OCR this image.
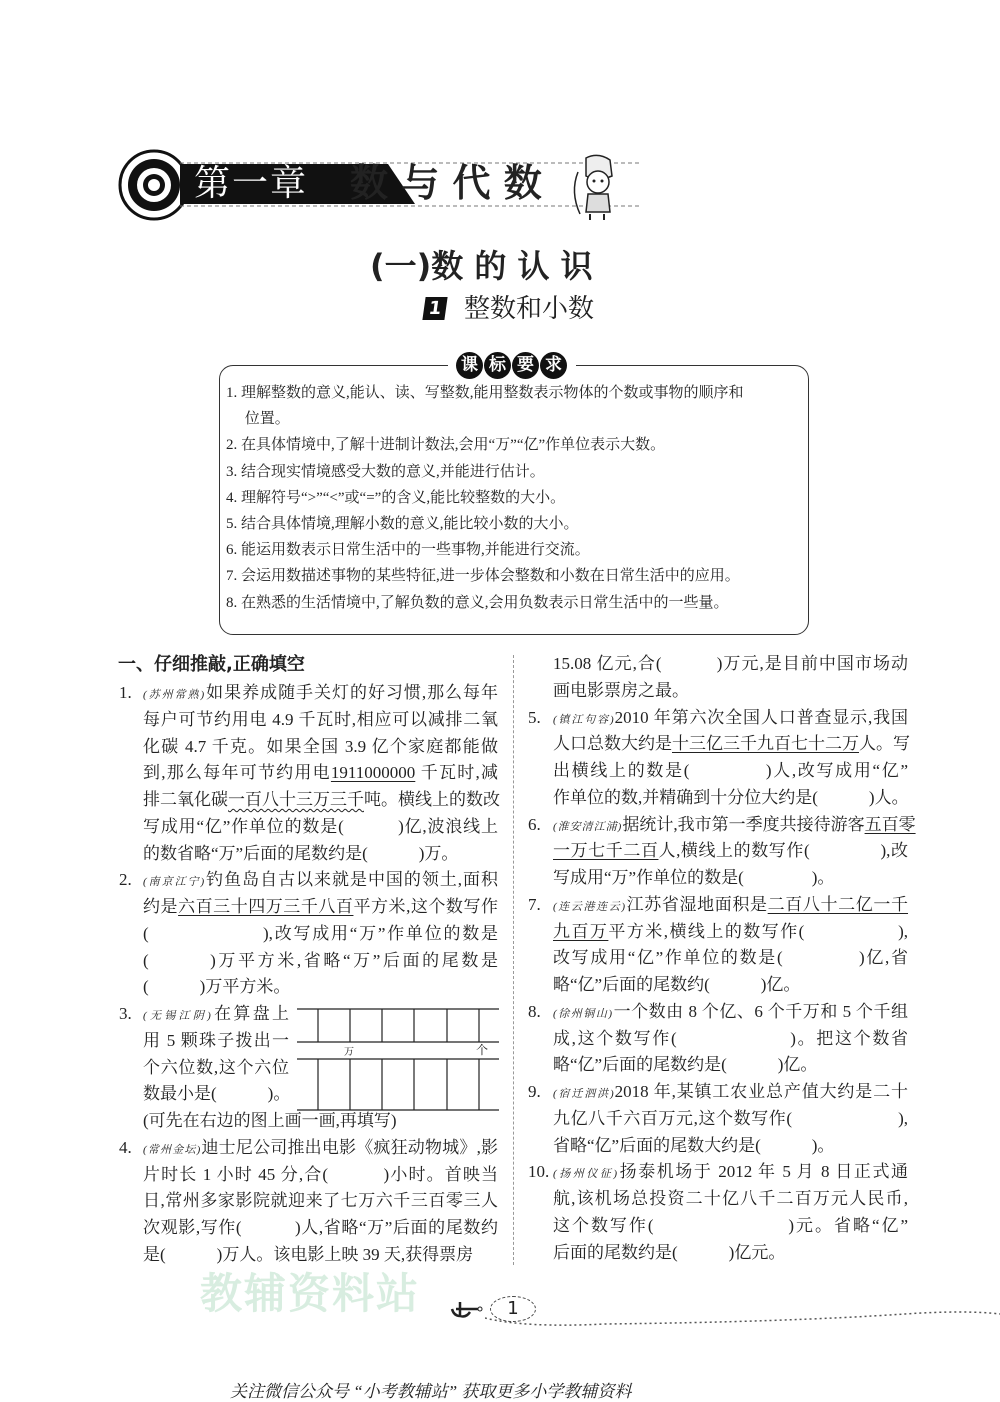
第一章 数 与 代 数
(一)数 的 认 识
1 整数和小数
课 标 要 求
1. 理解整数的意义,能认、读、写整数,能用整数表示物体的个数或事物的顺序和
　 位置。
2. 在具体情境中,了解十进制计数法,会用“万”“亿”作单位表示大数。
3. 结合现实情境感受大数的意义,并能进行估计。
4. 理解符号“>”“<”或“=”的含义,能比较整数的大小。
5. 结合具体情境,理解小数的意义,能比较小数的大小。
6. 能运用数表示日常生活中的一些事物,并能进行交流。
7. 会运用数描述事物的某些特征,进一步体会整数和小数在日常生活中的应用。
8. 在熟悉的生活情境中,了解负数的意义,会用负数表示日常生活中的一些量。
一、仔细推敲,正确填空
万	个
1. (苏州常熟)如果养成随手关灯的好习惯,那么每年
每户可节约用电 4.9 千瓦时,相应可以减排二氧
化碳 4.7 千克。如果全国 3.9 亿个家庭都能做
到,那么每年可节约用电1911000000 千瓦时,减
排二氧化碳一百八十三万三千吨。横线上的数改
写成用“亿”作单位的数是(　　　)亿,波浪线上
的数省略“万”后面的尾数约是(　　　)万。
2. (南京江宁)钓鱼岛自古以来就是中国的领土,面积
约是六百三十四万三千八百平方米,这个数写作
(　　　　　　),改写成用“万”作单位的数是
(　　　)万平方米,省略“万”后面的尾数是
(　　　)万平方米。
3. (无锡江阴)在算盘上
用 5 颗珠子拨出一
个六位数,这个六位
数最小是(　　　)。
(可先在右边的图上画一画,再填写)
4. (常州金坛)迪士尼公司推出电影《疯狂动物城》,影
片时长 1 小时 45 分,合(　　　)小时。首映当
日,常州多家影院就迎来了七万六千三百零三人
次观影,写作(　　　)人,省略“万”后面的尾数约
是(　　　)万人。该电影上映 39 天,获得票房
15.08 亿元,合(　　　)万元,是目前中国市场动
画电影票房之最。
5. (镇江句容)2010 年第六次全国人口普查显示,我国
人口总数大约是十三亿三千九百七十二万人。写
出横线上的数是(　　　　)人,改写成用“亿”
作单位的数,并精确到十分位大约是(　　　)人。
6. (淮安清江浦)据统计,我市第一季度共接待游客五百零
一万七千二百人,横线上的数写作(　　　　),改
写成用“万”作单位的数是(　　　　)。
7. (连云港连云)江苏省湿地面积是二百八十二亿一千
九百万平方米,横线上的数写作(　　　　　),
改写成用“亿”作单位的数是(　　　　)亿,省
略“亿”后面的尾数约(　　　)亿。
8. (徐州铜山)一个数由 8 个亿、6 个千万和 5 个千组
成,这个数写作(　　　　　　)。把这个数省
略“亿”后面的尾数约是(　　　)亿。
9. (宿迁泗洪)2018 年,某镇工农业总产值大约是二十
九亿八千六百万元,这个数写作(　　　　　　),
省略“亿”后面的尾数大约是(　　　)。
10. (扬州仪征)扬泰机场于 2012 年 5 月 8 日正式通
航,该机场总投资二十亿八千二百万元人民币,
这个数写作(　　　　　　　)元。省略“亿”
后面的尾数约是(　　　)亿元。
教辅资料站	1
关注微信公众号 “小考教辅站” 获取更多小学教辅资料
